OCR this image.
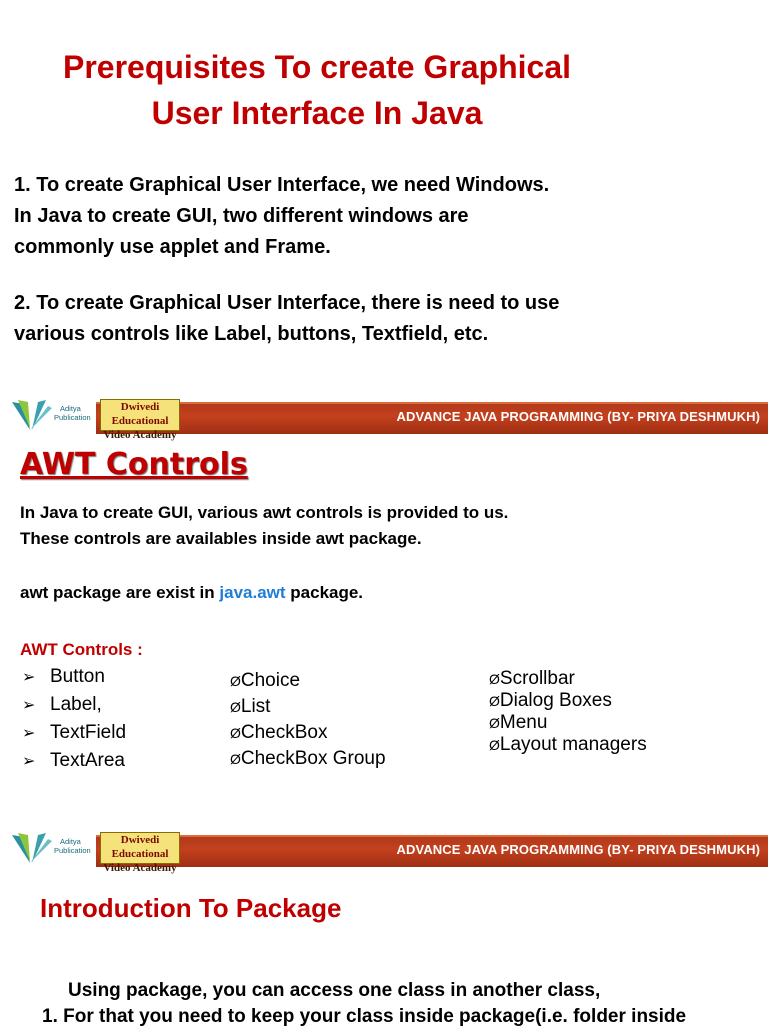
Prerequisites To create Graphical
User Interface In Java
1. To create Graphical User Interface, we need Windows.
In Java to create GUI, two different windows are
commonly use applet and Frame.
2. To create Graphical User Interface, there is need to use
various controls like Label, buttons, Textfield, etc.
Aditya
Publication	ADVANCE JAVA PROGRAMMING (BY- PRIYA DESHMUKH)
Dwivedi Educational
Video Academy
AWT Controls
In Java to create GUI, various awt controls is provided to us.
These controls are availables inside awt package.
awt package are exist in java.awt package.
AWT Controls :
➢ Button
➢ Label,
➢ TextField
➢ TextArea
$^Ø$Choice
$^Ø$List
$^Ø$CheckBox
$^Ø$CheckBox Group
$^Ø$Scrollbar
$^Ø$Dialog Boxes
$^Ø$Menu
$^Ø$Layout managers
Aditya
Publication	ADVANCE JAVA PROGRAMMING (BY- PRIYA DESHMUKH)
Dwivedi Educational
Video Academy
Introduction To Package
Using package, you can access one class in another class,
1. For that you need to keep your class inside package(i.e. folder inside
